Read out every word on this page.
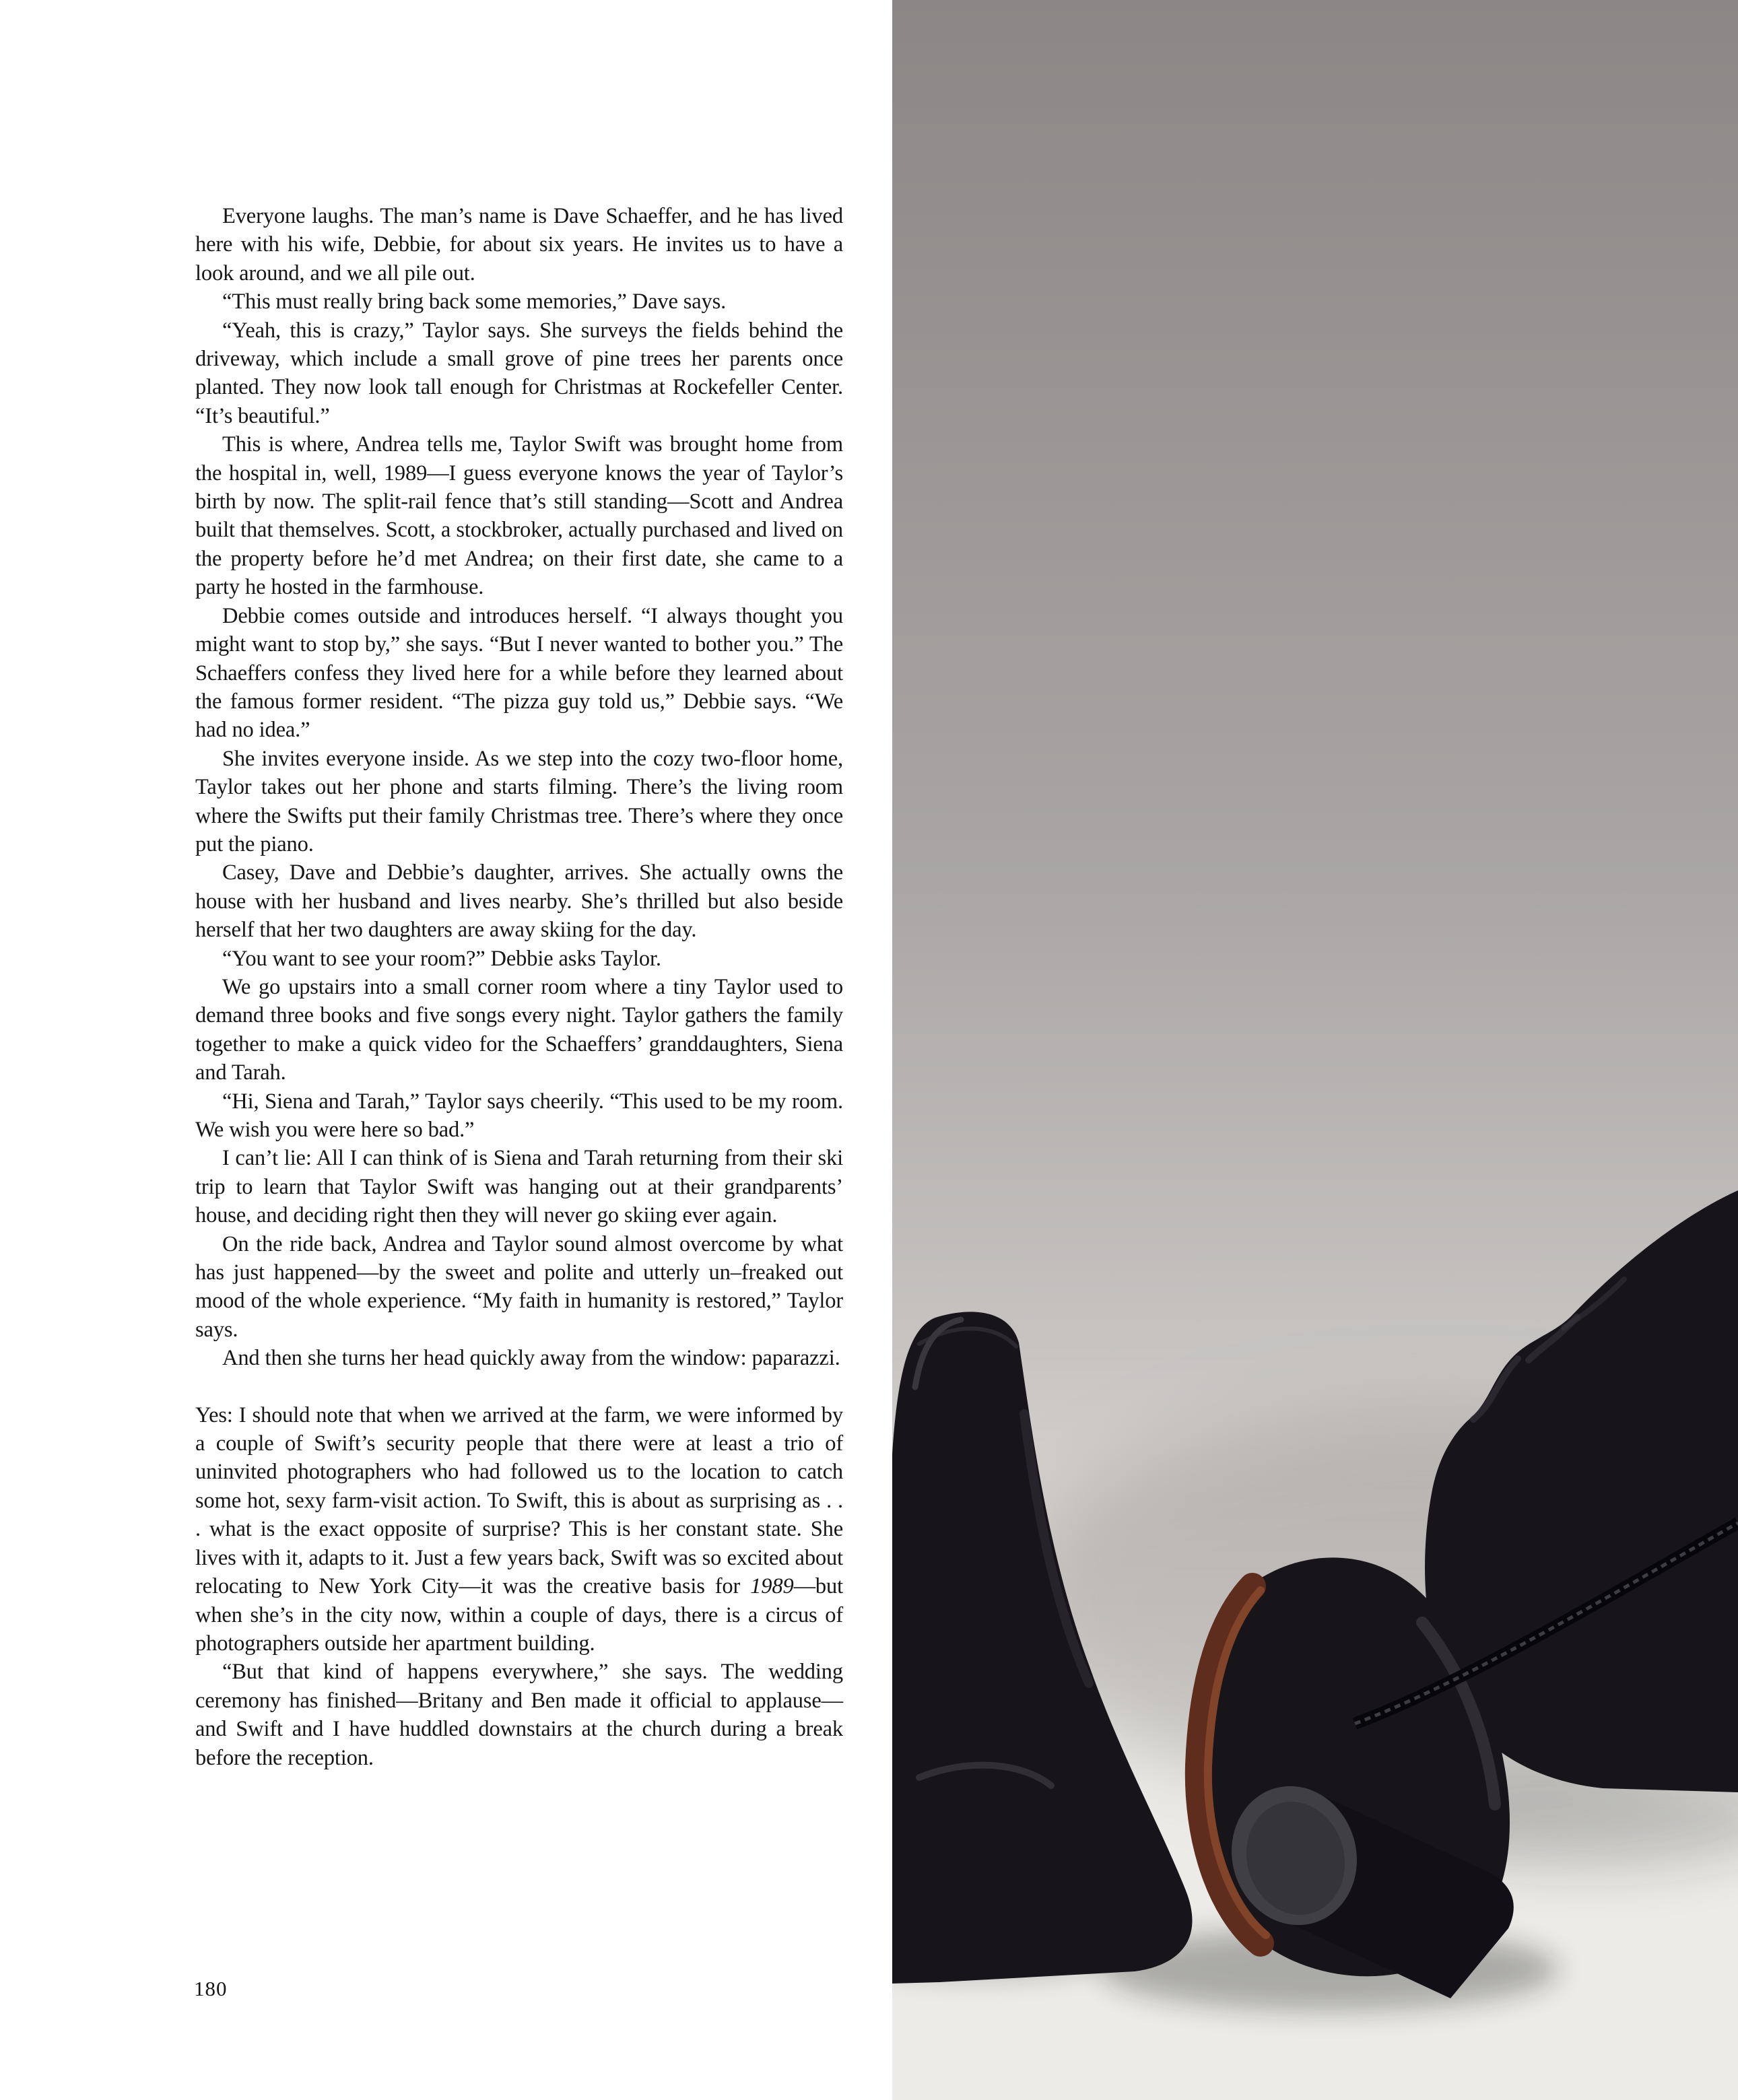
Everyone laughs. The man’s name is Dave Schaeffer, and he has lived here with his wife, Debbie, for about six years. He invites us to have a look around, and we all pile out.

“This must really bring back some memories,” Dave says.

“Yeah, this is crazy,” Taylor says. She surveys the fields behind the driveway, which include a small grove of pine trees her parents once planted. They now look tall enough for Christmas at Rockefeller Center. “It’s beautiful.”

This is where, Andrea tells me, Taylor Swift was brought home from the hospital in, well, 1989—I guess everyone knows the year of Taylor’s birth by now. The split-rail fence that’s still standing—Scott and Andrea built that themselves. Scott, a stockbroker, actually purchased and lived on the property before he’d met Andrea; on their first date, she came to a party he hosted in the farmhouse.

Debbie comes outside and introduces herself. “I always thought you might want to stop by,” she says. “But I never wanted to bother you.” The Schaeffers confess they lived here for a while before they learned about the famous former resident. “The pizza guy told us,” Debbie says. “We had no idea.”

She invites everyone inside. As we step into the cozy two-floor home, Taylor takes out her phone and starts filming. There’s the living room where the Swifts put their family Christmas tree. There’s where they once put the piano.

Casey, Dave and Debbie’s daughter, arrives. She actually owns the house with her husband and lives nearby. She’s thrilled but also beside herself that her two daughters are away skiing for the day.

“You want to see your room?” Debbie asks Taylor.

We go upstairs into a small corner room where a tiny Taylor used to demand three books and five songs every night. Taylor gathers the family together to make a quick video for the Schaeffers’ granddaughters, Siena and Tarah.

“Hi, Siena and Tarah,” Taylor says cheerily. “This used to be my room. We wish you were here so bad.”

I can’t lie: All I can think of is Siena and Tarah returning from their ski trip to learn that Taylor Swift was hanging out at their grandparents’ house, and deciding right then they will never go skiing ever again.

On the ride back, Andrea and Taylor sound almost overcome by what has just happened—by the sweet and polite and utterly un–freaked out mood of the whole experience. “My faith in humanity is restored,” Taylor says.

And then she turns her head quickly away from the window: paparazzi.

Yes: I should note that when we arrived at the farm, we were informed by a couple of Swift’s security people that there were at least a trio of uninvited photographers who had followed us to the location to catch some hot, sexy farm-visit action. To Swift, this is about as surprising as . . . what is the exact opposite of surprise? This is her constant state. She lives with it, adapts to it. Just a few years back, Swift was so excited about relocating to New York City—it was the creative basis for 1989—but when she’s in the city now, within a couple of days, there is a circus of photographers outside her apartment building.

“But that kind of happens everywhere,” she says. The wedding ceremony has finished—Britany and Ben made it official to applause—and Swift and I have huddled downstairs at the church during a break before the reception.

180
